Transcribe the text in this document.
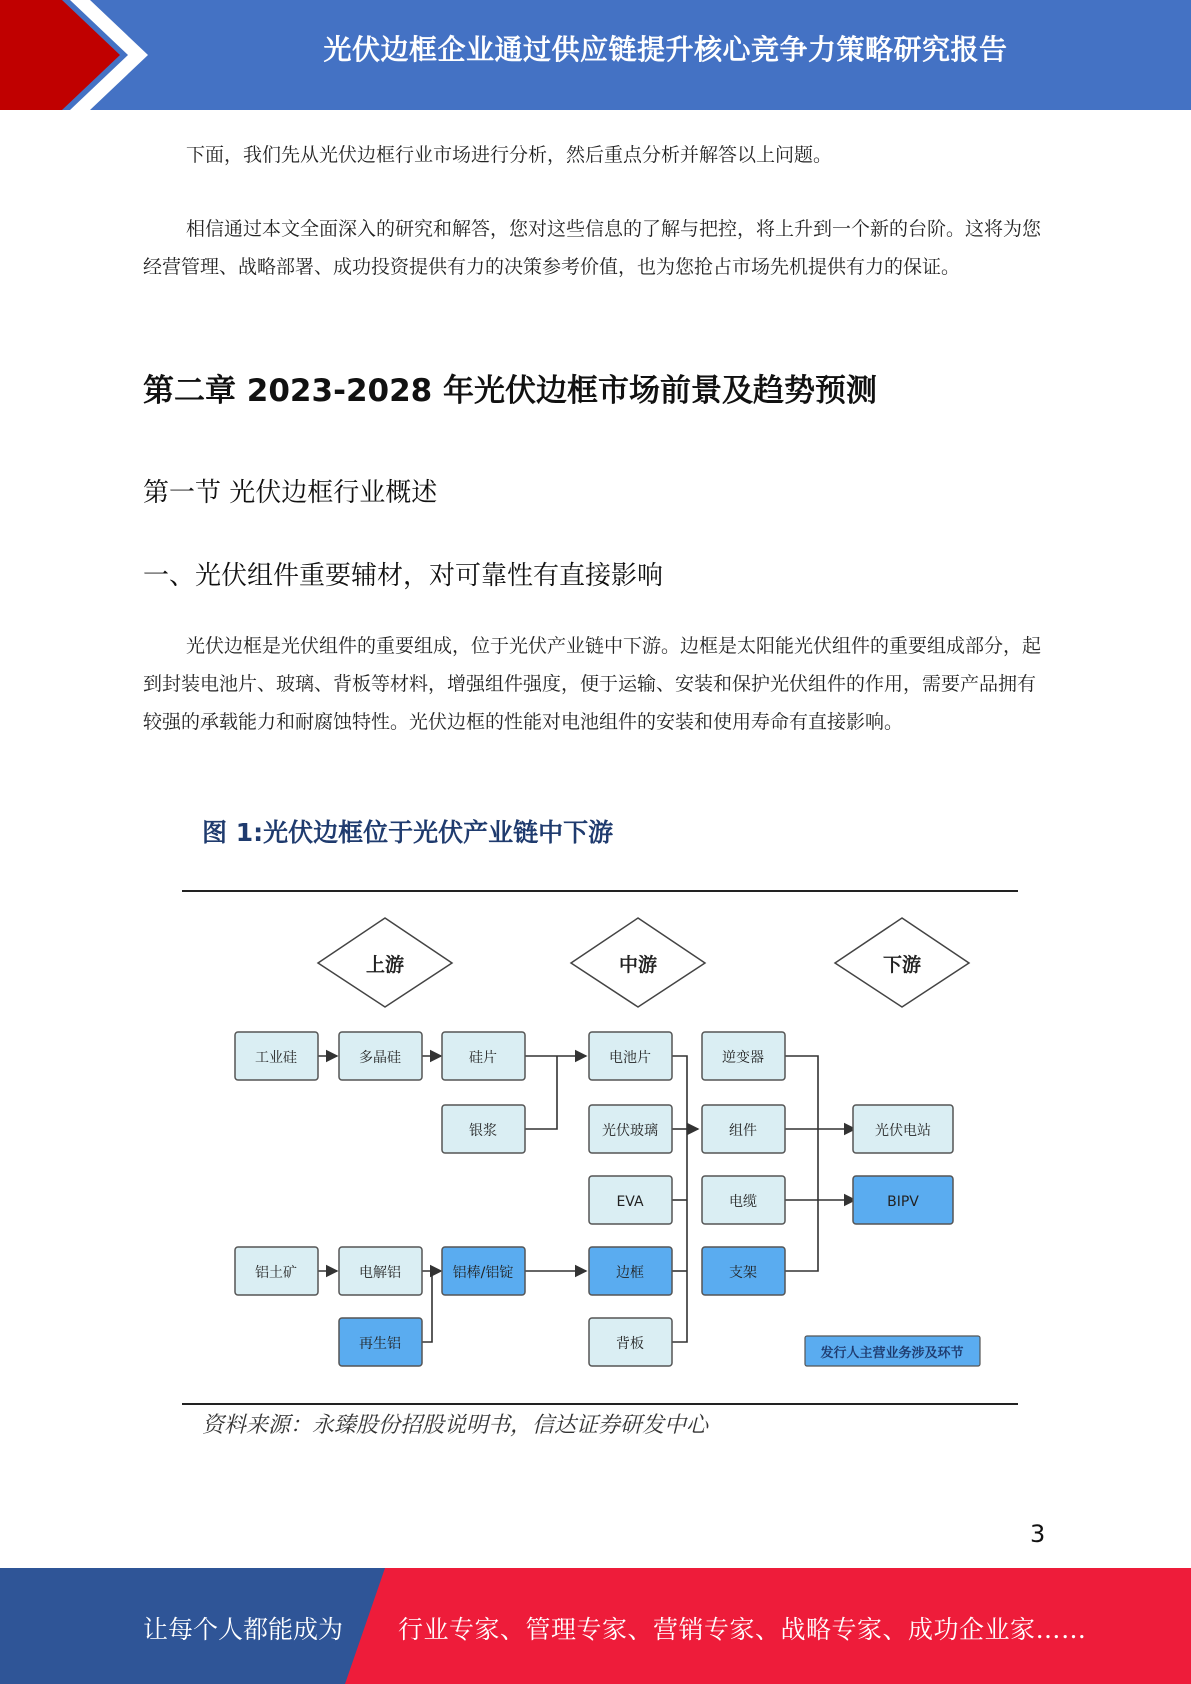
光伏边框企业通过供应链提升核心竞争力策略研究报告

下面，我们先从光伏边框行业市场进行分析，然后重点分析并解答以上问题。

相信通过本文全面深入的研究和解答，您对这些信息的了解与把控，将上升到一个新的台阶。这将为您经营管理、战略部署、成功投资提供有力的决策参考价值，也为您抢占市场先机提供有力的保证。

第二章 2023-2028 年光伏边框市场前景及趋势预测
第一节 光伏边框行业概述
一、光伏组件重要辅材，对可靠性有直接影响

光伏边框是光伏组件的重要组成，位于光伏产业链中下游。边框是太阳能光伏组件的重要组成部分，起到封装电池片、玻璃、背板等材料，增强组件强度，便于运输、安装和保护光伏组件的作用，需要产品拥有较强的承载能力和耐腐蚀特性。光伏边框的性能对电池组件的安装和使用寿命有直接影响。

图 1:光伏边框位于光伏产业链中下游
上游	中游	下游
工业硅	多晶硅	硅片
银浆
电池片
光伏玻璃
EVA
边框
背板
逆变器
组件
电缆
支架
光伏电站
BIPV
铝土矿	电解铝
再生铝
铝棒/铝锭
发行人主营业务涉及环节
资料来源：永臻股份招股说明书，信达证券研发中心
3
让每个人都能成为 行业专家、管理专家、营销专家、战略专家、成功企业家……
